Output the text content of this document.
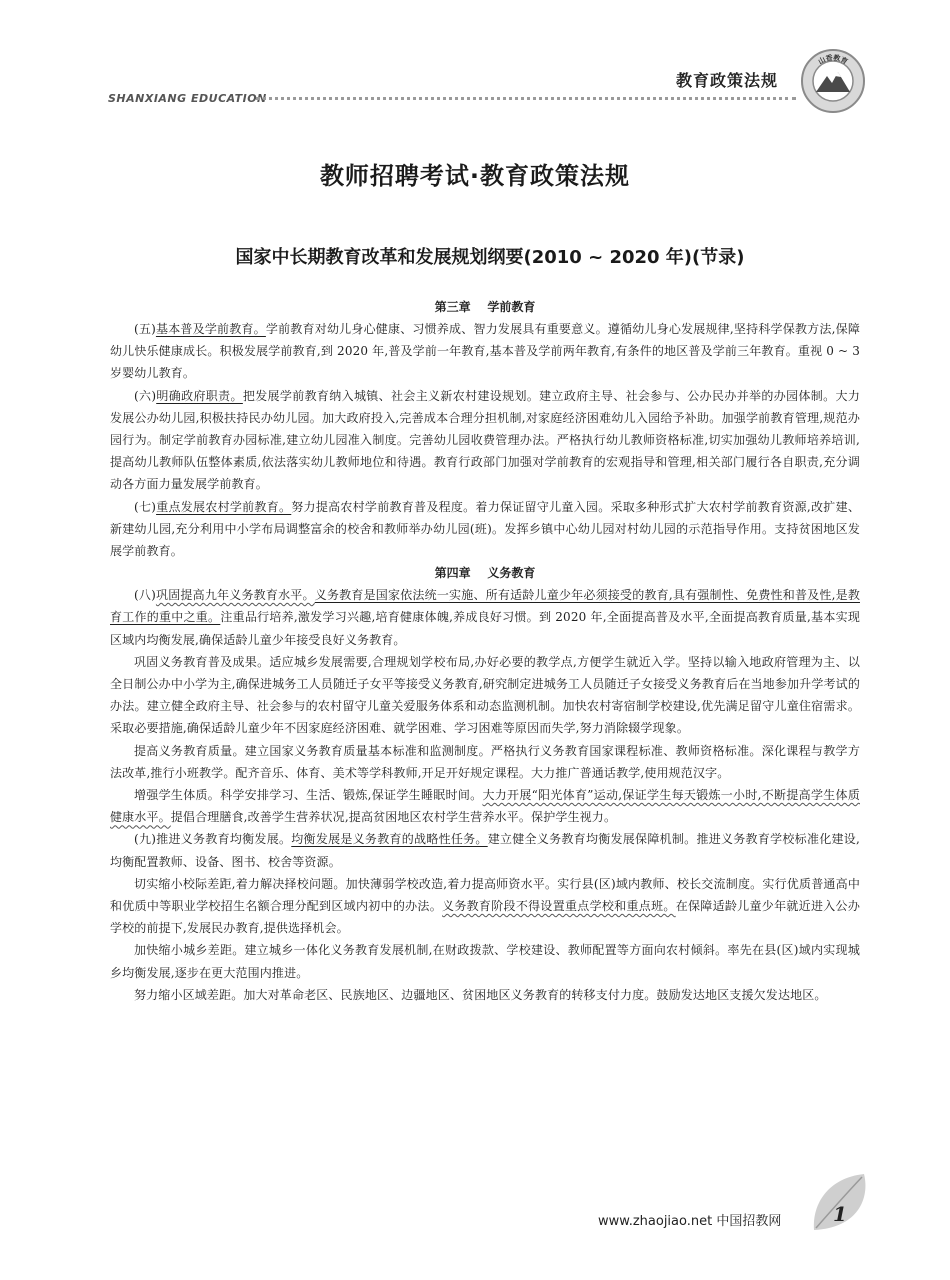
SHANXIANG EDUCATION
教育政策法规
山香教育
教师招聘考试·教育政策法规
国家中长期教育改革和发展规划纲要(2010 ~ 2020 年)(节录)
第三章    学前教育

(五)基本普及学前教育。学前教育对幼儿身心健康、习惯养成、智力发展具有重要意义。遵循幼儿身心发展规律,坚持科学保教方法,保障幼儿快乐健康成长。积极发展学前教育,到 2020 年,普及学前一年教育,基本普及学前两年教育,有条件的地区普及学前三年教育。重视 0 ~ 3 岁婴幼儿教育。

(六)明确政府职责。把发展学前教育纳入城镇、社会主义新农村建设规划。建立政府主导、社会参与、公办民办并举的办园体制。大力发展公办幼儿园,积极扶持民办幼儿园。加大政府投入,完善成本合理分担机制,对家庭经济困难幼儿入园给予补助。加强学前教育管理,规范办园行为。制定学前教育办园标准,建立幼儿园准入制度。完善幼儿园收费管理办法。严格执行幼儿教师资格标准,切实加强幼儿教师培养培训,提高幼儿教师队伍整体素质,依法落实幼儿教师地位和待遇。教育行政部门加强对学前教育的宏观指导和管理,相关部门履行各自职责,充分调动各方面力量发展学前教育。

(七)重点发展农村学前教育。努力提高农村学前教育普及程度。着力保证留守儿童入园。采取多种形式扩大农村学前教育资源,改扩建、新建幼儿园,充分利用中小学布局调整富余的校舍和教师举办幼儿园(班)。发挥乡镇中心幼儿园对村幼儿园的示范指导作用。支持贫困地区发展学前教育。

第四章    义务教育

(八)巩固提高九年义务教育水平。义务教育是国家依法统一实施、所有适龄儿童少年必须接受的教育,具有强制性、免费性和普及性,是教育工作的重中之重。注重品行培养,激发学习兴趣,培育健康体魄,养成良好习惯。到 2020 年,全面提高普及水平,全面提高教育质量,基本实现区域内均衡发展,确保适龄儿童少年接受良好义务教育。

巩固义务教育普及成果。适应城乡发展需要,合理规划学校布局,办好必要的教学点,方便学生就近入学。坚持以输入地政府管理为主、以全日制公办中小学为主,确保进城务工人员随迁子女平等接受义务教育,研究制定进城务工人员随迁子女接受义务教育后在当地参加升学考试的办法。建立健全政府主导、社会参与的农村留守儿童关爱服务体系和动态监测机制。加快农村寄宿制学校建设,优先满足留守儿童住宿需求。采取必要措施,确保适龄儿童少年不因家庭经济困难、就学困难、学习困难等原因而失学,努力消除辍学现象。

提高义务教育质量。建立国家义务教育质量基本标准和监测制度。严格执行义务教育国家课程标准、教师资格标准。深化课程与教学方法改革,推行小班教学。配齐音乐、体育、美术等学科教师,开足开好规定课程。大力推广普通话教学,使用规范汉字。

增强学生体质。科学安排学习、生活、锻炼,保证学生睡眠时间。大力开展“阳光体育”运动,保证学生每天锻炼一小时,不断提高学生体质健康水平。提倡合理膳食,改善学生营养状况,提高贫困地区农村学生营养水平。保护学生视力。

(九)推进义务教育均衡发展。均衡发展是义务教育的战略性任务。建立健全义务教育均衡发展保障机制。推进义务教育学校标准化建设,均衡配置教师、设备、图书、校舍等资源。

切实缩小校际差距,着力解决择校问题。加快薄弱学校改造,着力提高师资水平。实行县(区)域内教师、校长交流制度。实行优质普通高中和优质中等职业学校招生名额合理分配到区域内初中的办法。义务教育阶段不得设置重点学校和重点班。在保障适龄儿童少年就近进入公办学校的前提下,发展民办教育,提供选择机会。

加快缩小城乡差距。建立城乡一体化义务教育发展机制,在财政拨款、学校建设、教师配置等方面向农村倾斜。率先在县(区)域内实现城乡均衡发展,逐步在更大范围内推进。

努力缩小区域差距。加大对革命老区、民族地区、边疆地区、贫困地区义务教育的转移支付力度。鼓励发达地区支援欠发达地区。

www.zhaojiao.net 中国招教网	1
